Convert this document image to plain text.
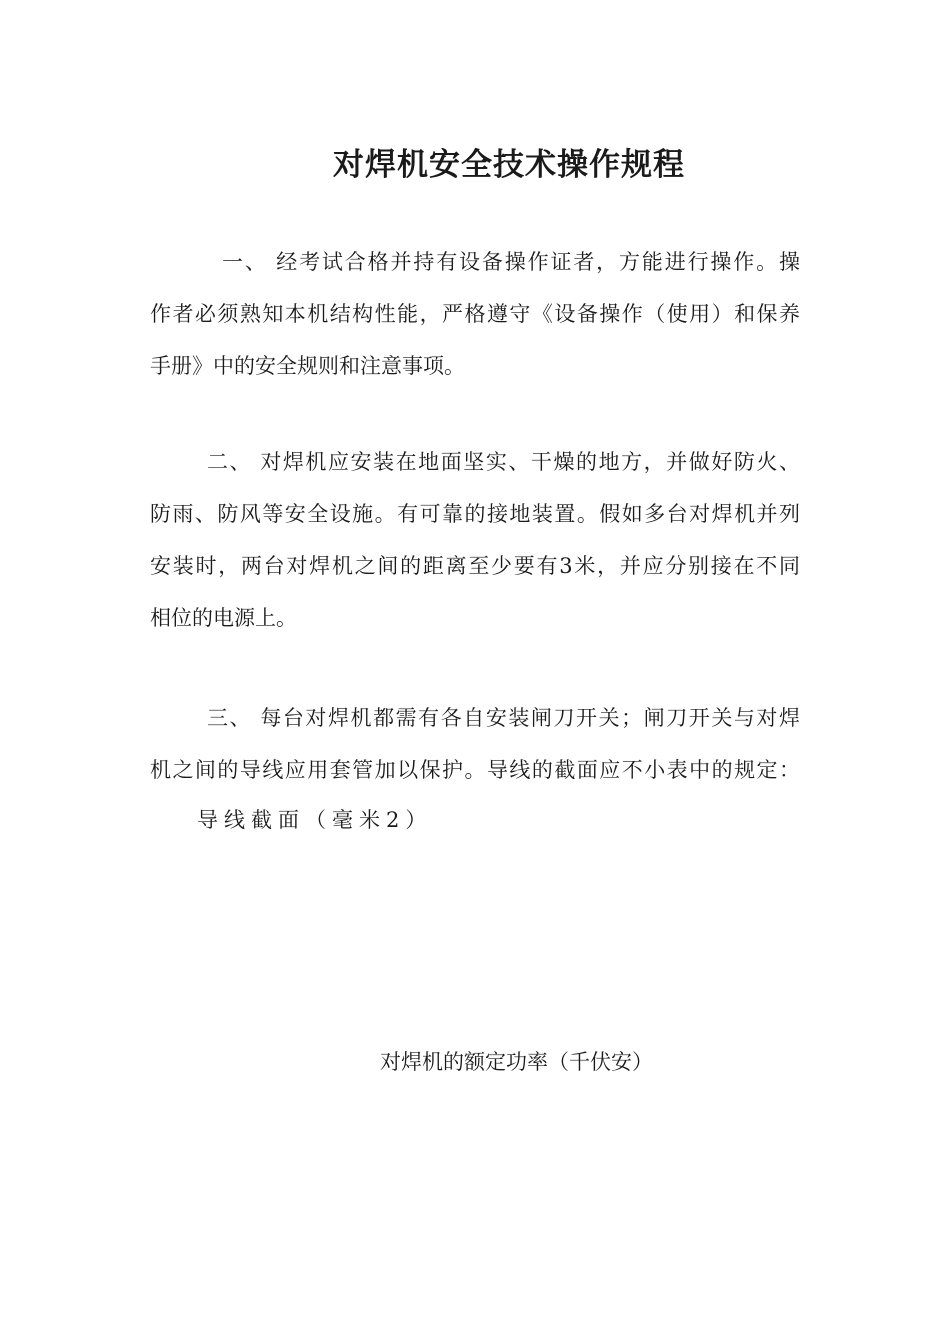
对焊机安全技术操作规程
一、 经考试合格并持有设备操作证者，方能进行操作。操
作者必须熟知本机结构性能，严格遵守《设备操作（使用）和保养
手册》中的安全规则和注意事项。
二、 对焊机应安装在地面坚实、干燥的地方，并做好防火、
防雨、防风等安全设施。有可靠的接地装置。假如多台对焊机并列
安装时，两台对焊机之间的距离至少要有3米，并应分别接在不同
相位的电源上。
三、 每台对焊机都需有各自安装闸刀开关；闸刀开关与对焊
机之间的导线应用套管加以保护。导线的截面应不小表中的规定：
导线截面（毫米2）
对焊机的额定功率（千伏安）
